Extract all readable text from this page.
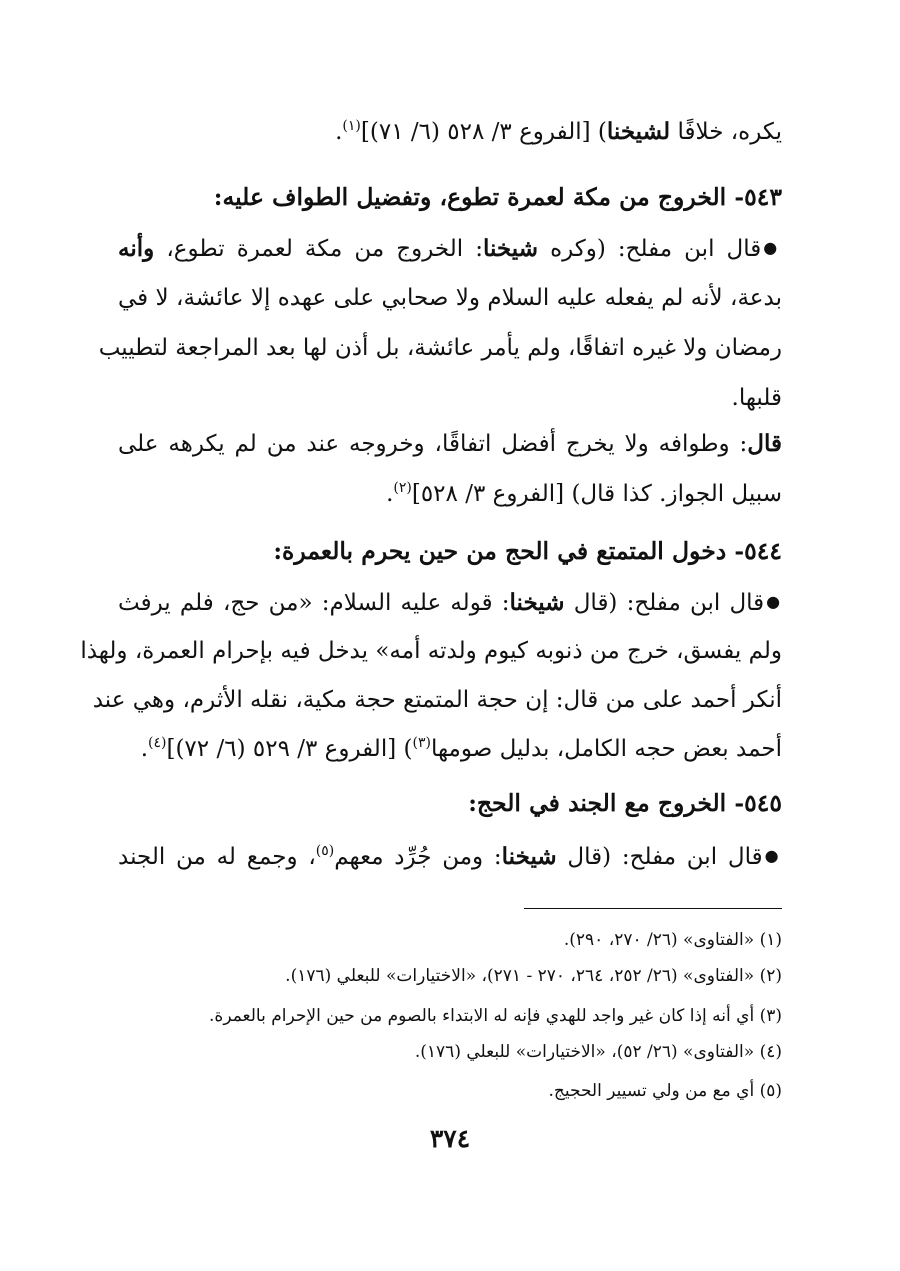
يكره، خلافًا لشيخنا) [الفروع ٣/ ٥٢٨ (٦/ ٧١)]$^{(١)}$.
٥٤٣- الخروج من مكة لعمرة تطوع، وتفضيل الطواف عليه:
●قال ابن مفلح: (وكره شيخنا: الخروج من مكة لعمرة تطوع، وأنه
بدعة، لأنه لم يفعله عليه السلام ولا صحابي على عهده إلا عائشة، لا في
رمضان ولا غيره اتفاقًا، ولم يأمر عائشة، بل أذن لها بعد المراجعة لتطييب
قلبها.
قال: وطوافه ولا يخرج أفضل اتفاقًا، وخروجه عند من لم يكرهه على
سبيل الجواز. كذا قال) [الفروع ٣/ ٥٢٨]$^{(٢)}$.
٥٤٤- دخول المتمتع في الحج من حين يحرم بالعمرة:
●قال ابن مفلح: (قال شيخنا: قوله عليه السلام: «من حج، فلم يرفث
ولم يفسق، خرج من ذنوبه كيوم ولدته أمه» يدخل فيه بإحرام العمرة، ولهذا
أنكر أحمد على من قال: إن حجة المتمتع حجة مكية، نقله الأثرم، وهي عند
أحمد بعض حجه الكامل، بدليل صومها$^{(٣)}$) [الفروع ٣/ ٥٢٩ (٦/ ٧٢)]$^{(٤)}$.
٥٤٥- الخروج مع الجند في الحج:
●قال ابن مفلح: (قال شيخنا: ومن جُرِّد معهم$^{(٥)}$، وجمع له من الجند
(١) «الفتاوى» (٢٦/ ٢٧٠، ٢٩٠).
(٢) «الفتاوى» (٢٦/ ٢٥٢، ٢٦٤، ٢٧٠ - ٢٧١)، «الاختيارات» للبعلي (١٧٦).
(٣) أي أنه إذا كان غير واجد للهدي فإنه له الابتداء بالصوم من حين الإحرام بالعمرة.
(٤) «الفتاوى» (٢٦/ ٥٢)، «الاختيارات» للبعلي (١٧٦).
(٥) أي مع من ولي تسيير الحجيج.
٣٧٤
